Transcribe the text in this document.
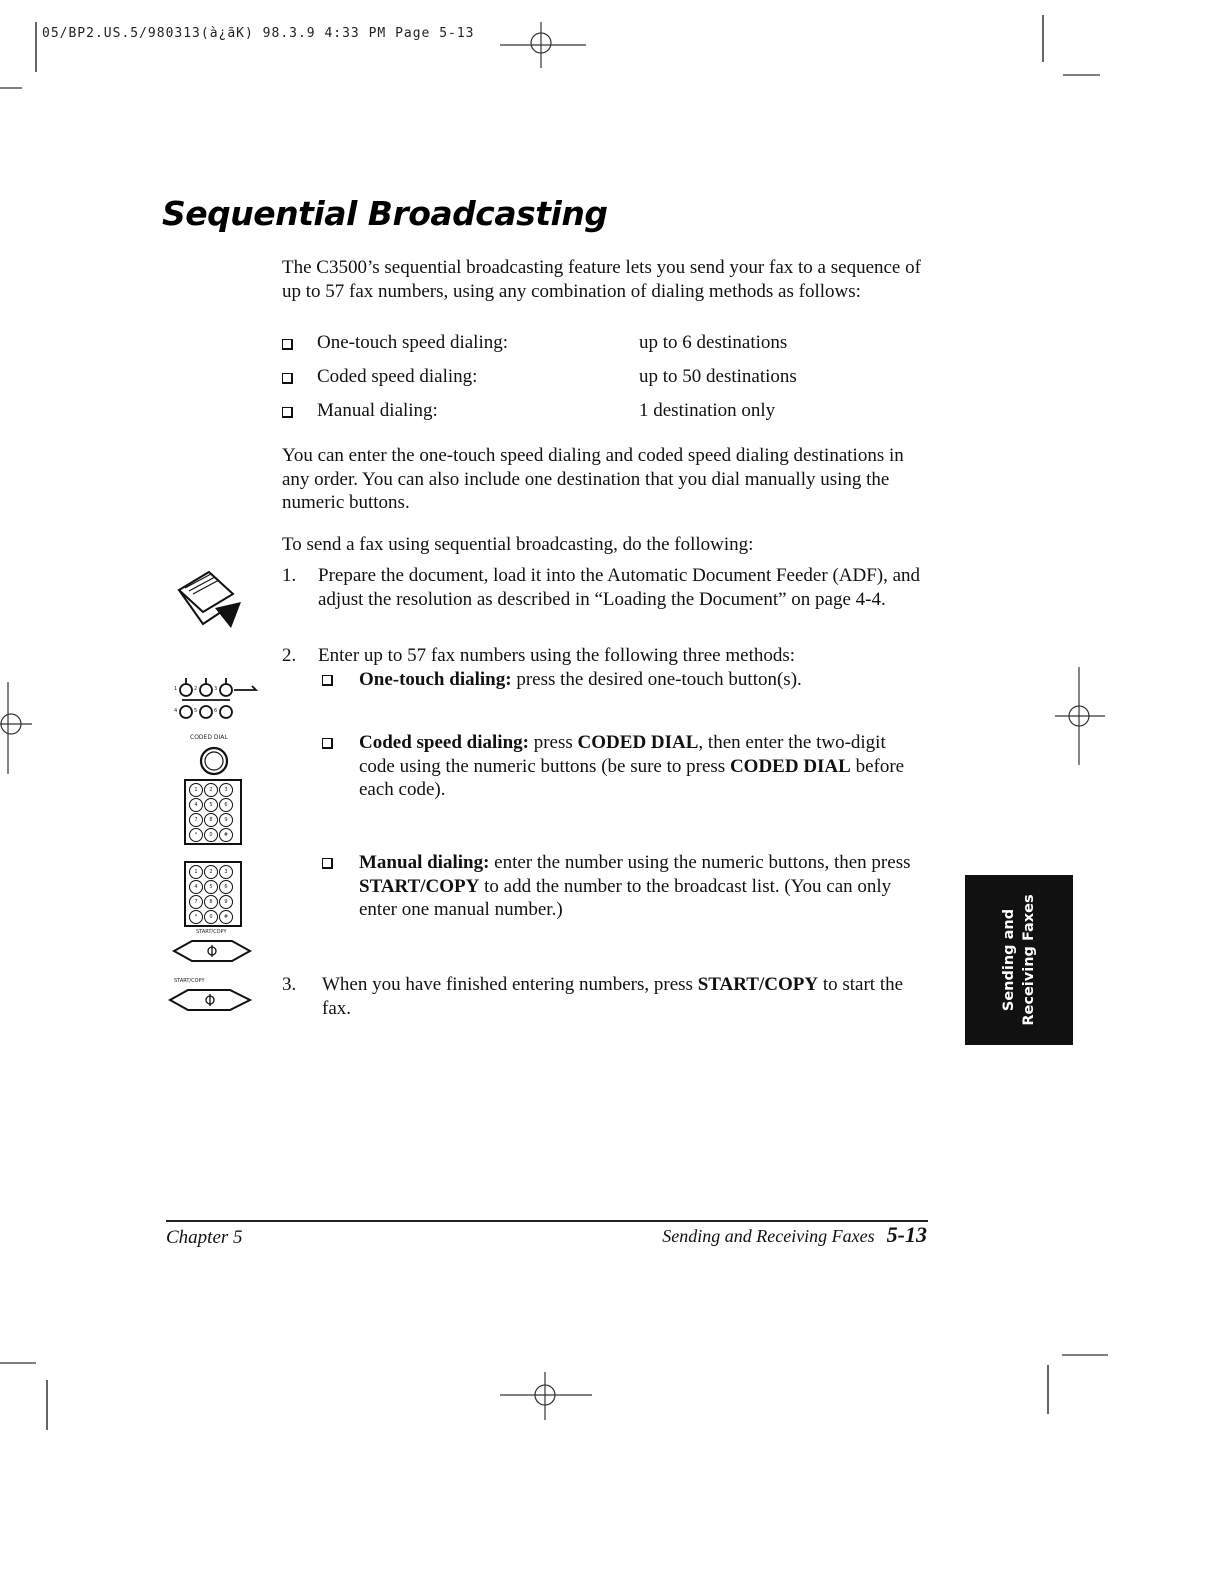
05/BP2.US.5/980313(à¿ãK) 98.3.9 4:33 PM Page 5-13
Sequential Broadcasting

The C3500’s sequential broadcasting feature lets you send your fax to a sequence of up to 57 fax numbers, using any combination of dialing methods as follows:

One-touch speed dialing:	up to 6 destinations
Coded speed dialing:	up to 50 destinations
Manual dialing:	1 destination only

You can enter the one-touch speed dialing and coded speed dialing destinations in any order. You can also include one destination that you dial manually using the numeric buttons.

To send a fax using sequential broadcasting, do the following:

1. Prepare the document, load it into the Automatic Document Feeder (ADF), and adjust the resolution as described in “Loading the Document” on page 4-4.
2. Enter up to 57 fax numbers using the following three methods:
One-touch dialing: press the desired one-touch button(s).
Coded speed dialing: press CODED DIAL, then enter the two-digit code using the numeric buttons (be sure to press CODED DIAL before each code).
Manual dialing: enter the number using the numeric buttons, then press START/COPY to add the number to the broadcast list. (You can only enter one manual number.)
3. When you have finished entering numbers, press START/COPY to start the fax.
1	2	3
4	5	6
CODED DIAL
1	2	3
4	5	6
7	8	9
*	0	#
1	2	3
4	5	6
7	8	9
*	0	#
START/COPY
START/COPY	Sending and Receiving Faxes
Chapter 5	Sending and Receiving Faxes 5-13
